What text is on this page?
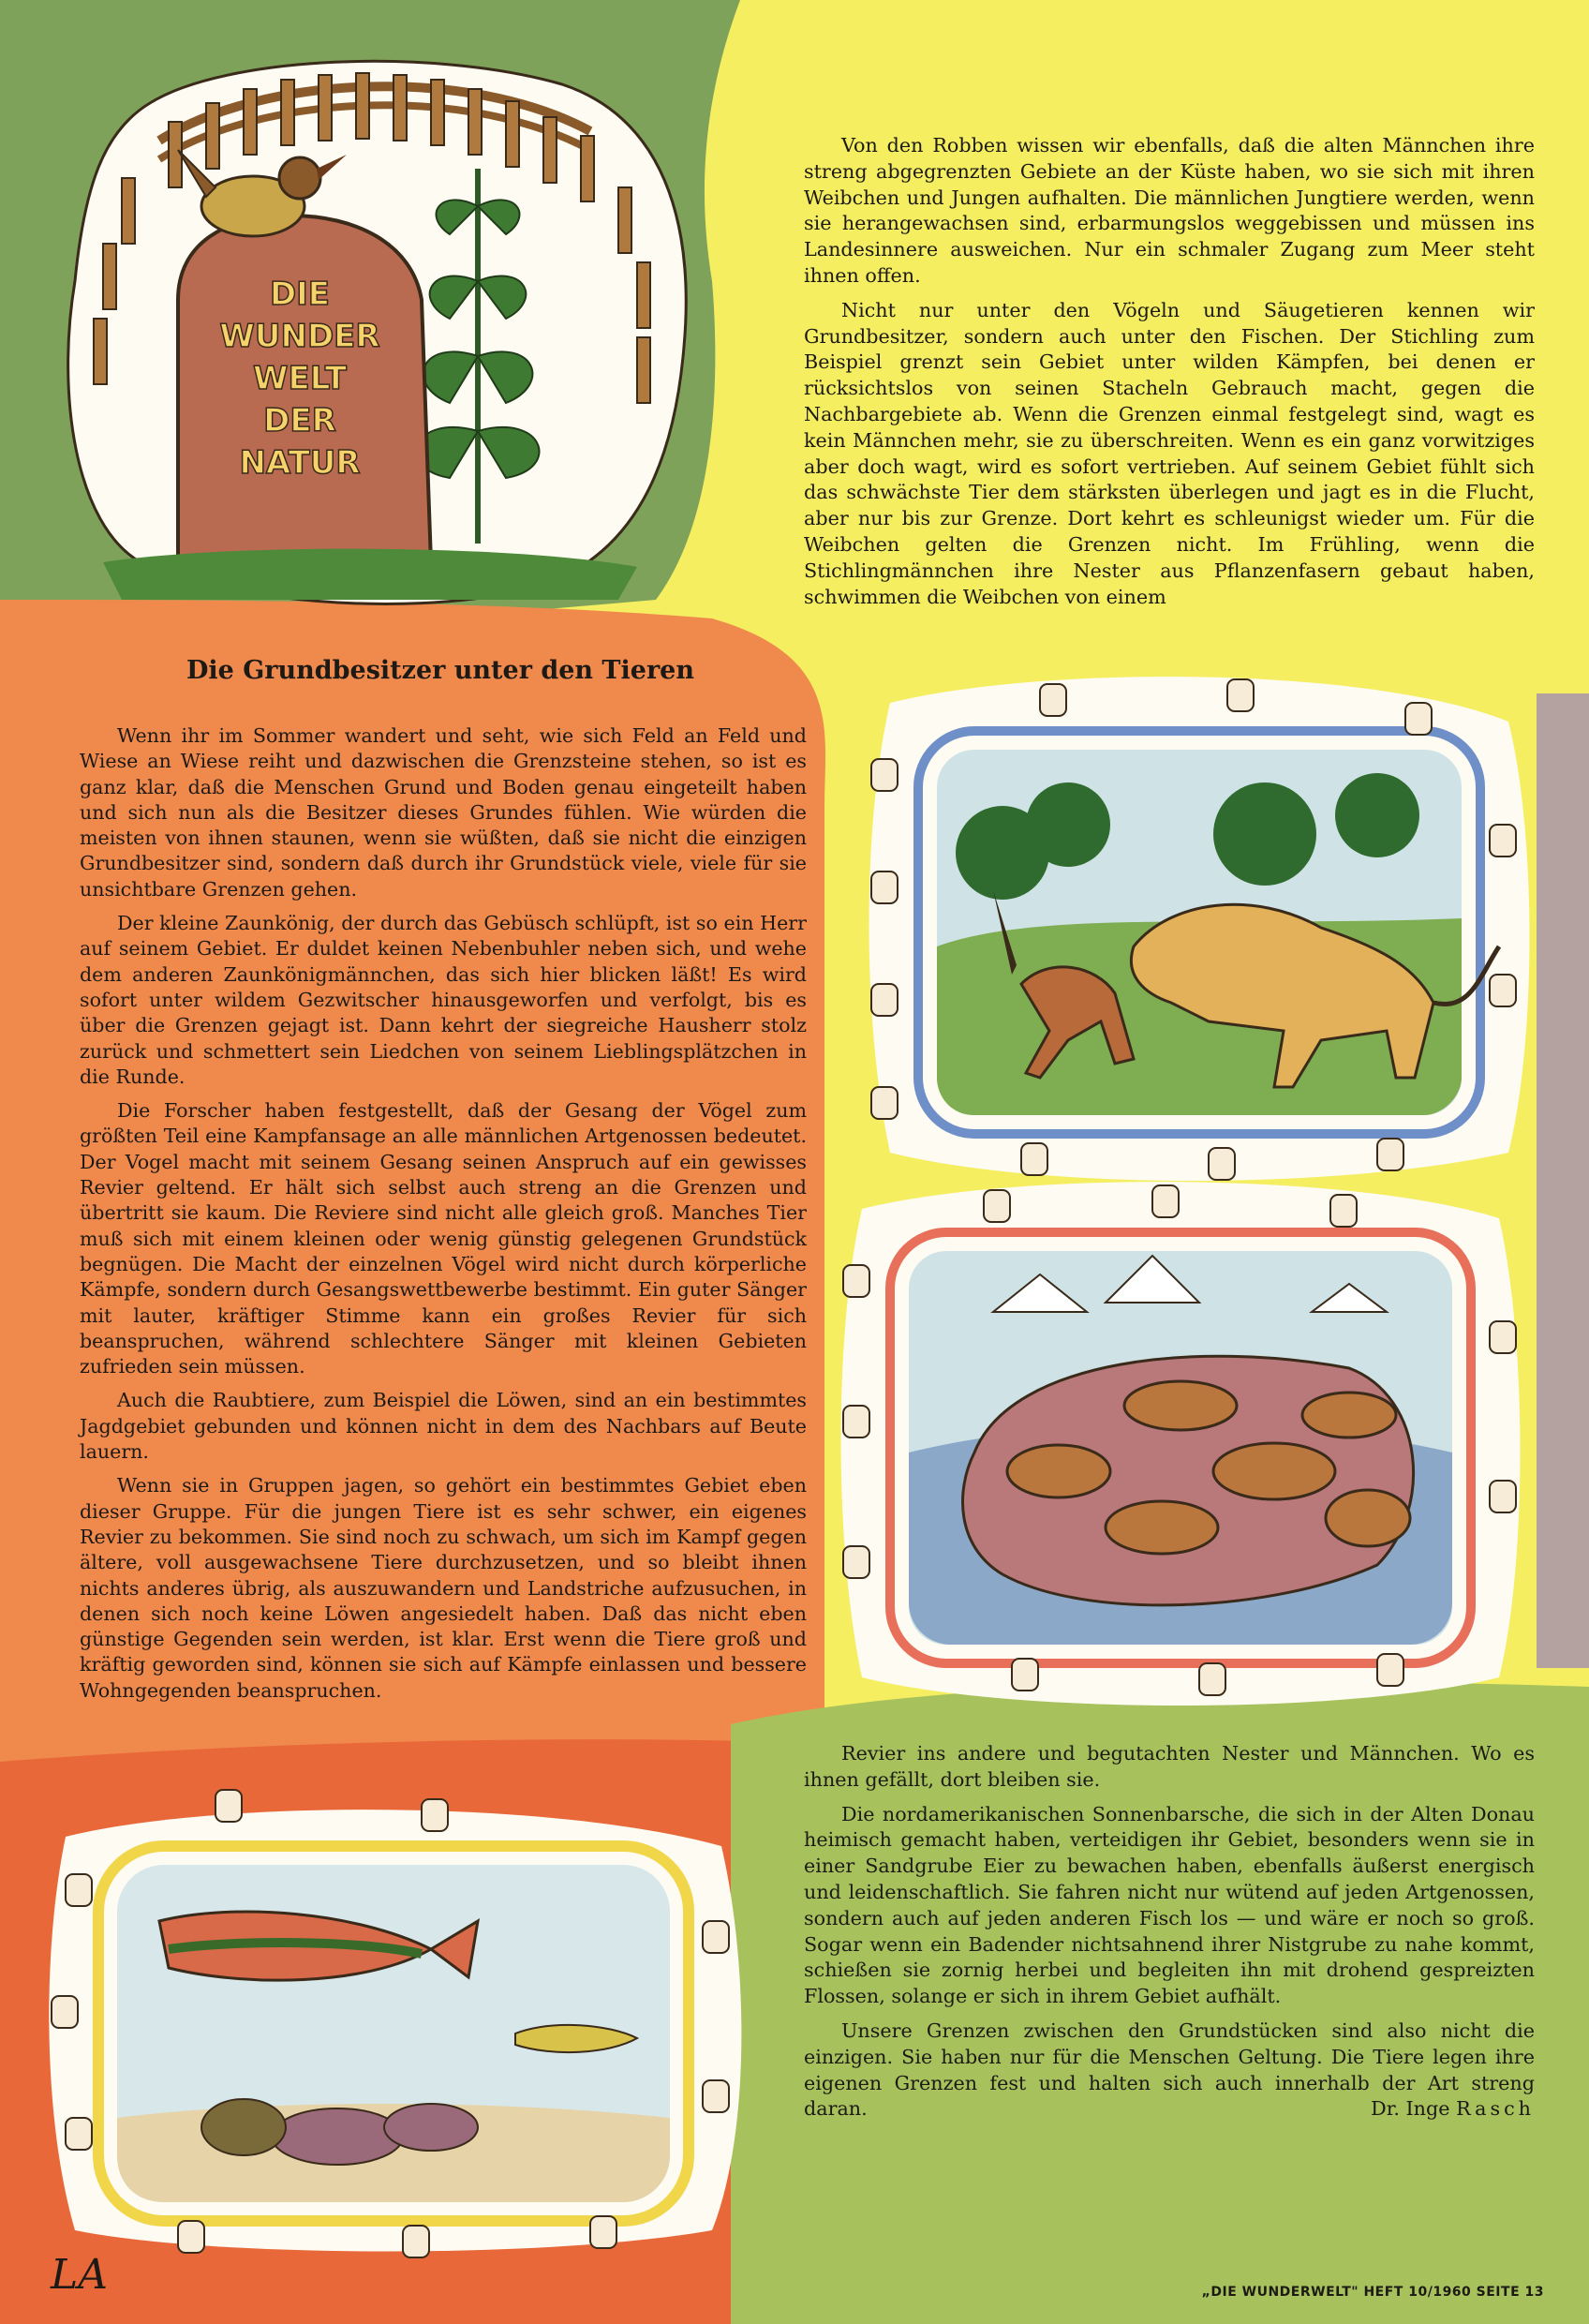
DIE
WUNDER
WELT
DER
NATUR

Von den Robben wissen wir ebenfalls, daß die alten Männchen ihre streng abgegrenzten Gebiete an der Küste haben, wo sie sich mit ihren Weibchen und Jungen aufhalten. Die männlichen Jungtiere werden, wenn sie herangewachsen sind, erbarmungslos weggebissen und müssen ins Landesinnere ausweichen. Nur ein schmaler Zugang zum Meer steht ihnen offen.

Nicht nur unter den Vögeln und Säugetieren kennen wir Grundbesitzer, sondern auch unter den Fischen. Der Stichling zum Beispiel grenzt sein Gebiet unter wilden Kämpfen, bei denen er rücksichtslos von seinen Stacheln Gebrauch macht, gegen die Nachbargebiete ab. Wenn die Grenzen einmal festgelegt sind, wagt es kein Männchen mehr, sie zu überschreiten. Wenn es ein ganz vorwitziges aber doch wagt, wird es sofort vertrieben. Auf seinem Gebiet fühlt sich das schwächste Tier dem stärksten überlegen und jagt es in die Flucht, aber nur bis zur Grenze. Dort kehrt es schleunigst wieder um. Für die Weibchen gelten die Grenzen nicht. Im Frühling, wenn die Stichlingmännchen ihre Nester aus Pflanzenfasern gebaut haben, schwimmen die Weibchen von einem

Die Grundbesitzer unter den Tieren

Wenn ihr im Sommer wandert und seht, wie sich Feld an Feld und Wiese an Wiese reiht und dazwischen die Grenzsteine stehen, so ist es ganz klar, daß die Menschen Grund und Boden genau eingeteilt haben und sich nun als die Besitzer dieses Grundes fühlen. Wie würden die meisten von ihnen staunen, wenn sie wüßten, daß sie nicht die einzigen Grundbesitzer sind, sondern daß durch ihr Grundstück viele, viele für sie unsichtbare Grenzen gehen.

Der kleine Zaunkönig, der durch das Gebüsch schlüpft, ist so ein Herr auf seinem Gebiet. Er duldet keinen Nebenbuhler neben sich, und wehe dem anderen Zaunkönigmännchen, das sich hier blicken läßt! Es wird sofort unter wildem Gezwitscher hinausgeworfen und verfolgt, bis es über die Grenzen gejagt ist. Dann kehrt der siegreiche Hausherr stolz zurück und schmettert sein Liedchen von seinem Lieblingsplätzchen in die Runde.

Die Forscher haben festgestellt, daß der Gesang der Vögel zum größten Teil eine Kampfansage an alle männlichen Artgenossen bedeutet. Der Vogel macht mit seinem Gesang seinen Anspruch auf ein gewisses Revier geltend. Er hält sich selbst auch streng an die Grenzen und übertritt sie kaum. Die Reviere sind nicht alle gleich groß. Manches Tier muß sich mit einem kleinen oder wenig günstig gelegenen Grundstück begnügen. Die Macht der einzelnen Vögel wird nicht durch körperliche Kämpfe, sondern durch Gesangswettbewerbe bestimmt. Ein guter Sänger mit lauter, kräftiger Stimme kann ein großes Revier für sich beanspruchen, während schlechtere Sänger mit kleinen Gebieten zufrieden sein müssen.

Auch die Raubtiere, zum Beispiel die Löwen, sind an ein bestimmtes Jagdgebiet gebunden und können nicht in dem des Nachbars auf Beute lauern.

Wenn sie in Gruppen jagen, so gehört ein bestimmtes Gebiet eben dieser Gruppe. Für die jungen Tiere ist es sehr schwer, ein eigenes Revier zu bekommen. Sie sind noch zu schwach, um sich im Kampf gegen ältere, voll ausgewachsene Tiere durchzusetzen, und so bleibt ihnen nichts anderes übrig, als auszuwandern und Landstriche aufzusuchen, in denen sich noch keine Löwen angesiedelt haben. Daß das nicht eben günstige Gegenden sein werden, ist klar. Erst wenn die Tiere groß und kräftig geworden sind, können sie sich auf Kämpfe einlassen und bessere Wohngegenden beanspruchen.

Revier ins andere und begutachten Nester und Männchen. Wo es ihnen gefällt, dort bleiben sie.

Die nordamerikanischen Sonnenbarsche, die sich in der Alten Donau heimisch gemacht haben, verteidigen ihr Gebiet, besonders wenn sie in einer Sandgrube Eier zu bewachen haben, ebenfalls äußerst energisch und leidenschaftlich. Sie fahren nicht nur wütend auf jeden Artgenossen, sondern auch auf jeden anderen Fisch los — und wäre er noch so groß. Sogar wenn ein Badender nichtsahnend ihrer Nistgrube zu nahe kommt, schießen sie zornig herbei und begleiten ihn mit drohend gespreizten Flossen, solange er sich in ihrem Gebiet aufhält.

Unsere Grenzen zwischen den Grundstücken sind also nicht die einzigen. Sie haben nur für die Menschen Geltung. Die Tiere legen ihre eigenen Grenzen fest und halten sich auch innerhalb der Art streng daran.	Dr. Inge Rasch

LA	„DIE WUNDERWELT" HEFT 10/1960 SEITE 13
